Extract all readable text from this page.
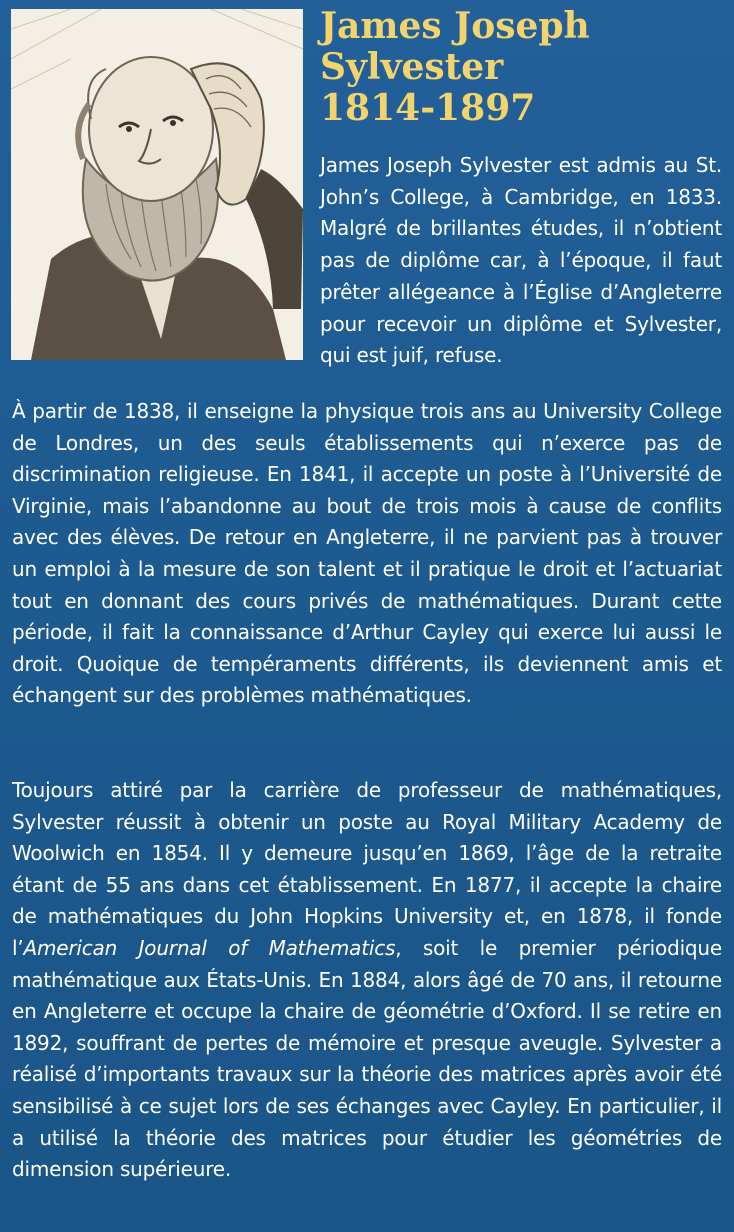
James Joseph
Sylvester
1814-1897

James Joseph Sylvester est admis au St. John’s College, à Cambridge, en 1833. Malgré de brillantes études, il n’obtient pas de diplôme car, à l’époque, il faut prêter allégeance à l’Église d’Angleterre pour recevoir un diplôme et Sylvester, qui est juif, refuse.

À partir de 1838, il enseigne la physique trois ans au University College de Londres, un des seuls établissements qui n’exerce pas de discrimination religieuse. En 1841, il accepte un poste à l’Université de Virginie, mais l’abandonne au bout de trois mois à cause de conflits avec des élèves. De retour en Angleterre, il ne parvient pas à trouver un emploi à la mesure de son talent et il pratique le droit et l’actuariat tout en donnant des cours privés de mathématiques. Durant cette période, il fait la connaissance d’Arthur Cayley qui exerce lui aussi le droit. Quoique de tempéraments différents, ils deviennent amis et échangent sur des problèmes mathématiques.

Toujours attiré par la carrière de professeur de mathématiques, Sylvester réussit à obtenir un poste au Royal Military Academy de Woolwich en 1854. Il y demeure jusqu’en 1869, l’âge de la retraite étant de 55 ans dans cet établissement. En 1877, il accepte la chaire de mathématiques du John Hopkins University et, en 1878, il fonde l’American Journal of Mathematics, soit le premier périodique mathématique aux États-Unis. En 1884, alors âgé de 70 ans, il retourne en Angleterre et occupe la chaire de géométrie d’Oxford. Il se retire en 1892, souffrant de pertes de mémoire et presque aveugle. Sylvester a réalisé d’importants travaux sur la théorie des matrices après avoir été sensibilisé à ce sujet lors de ses échanges avec Cayley. En particulier, il a utilisé la théorie des matrices pour étudier les géométries de dimension supérieure.
